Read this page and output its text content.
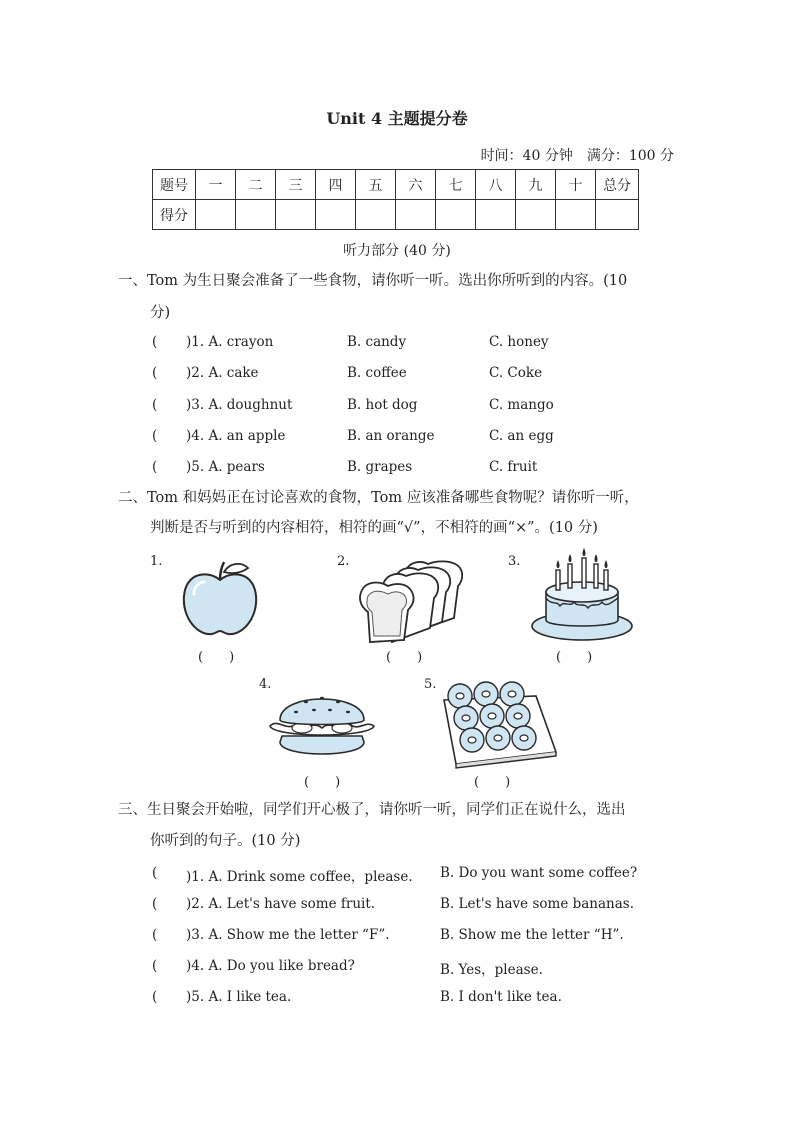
Unit 4 主题提分卷
时间：40 分钟　满分：100 分
题号	一	二	三	四	五	六	七	八	九	十	总分
得分											
听力部分 (40 分)
一、Tom 为生日聚会准备了一些食物，请你听一听。选出你所听到的内容。(10
分)
( )1. A. crayon	B. candy	C. honey
( )2. A. cake	B. coffee	C. Coke
( )3. A. doughnut	B. hot dog	C. mango
( )4. A. an apple	B. an orange	C. an egg
( )5. A. pears	B. grapes	C. fruit
二、Tom 和妈妈正在讨论喜欢的食物，Tom 应该准备哪些食物呢？请你听一听，
判断是否与听到的内容相符，相符的画“√”，不相符的画“×”。(10 分)
1.
(　　)
2.
(　　)
3.
(　　)
4.
(　　)
5.
(　　)
三、生日聚会开始啦，同学们开心极了，请你听一听，同学们正在说什么，选出
你听到的句子。(10 分)
( )1. A. Drink some coffee，please. B. Do you want some coffee?
( )2. A. Let's have some fruit.	B. Let's have some bananas.
( )3. A. Show me the letter “F”.	B. Show me the letter “H”.
( )4. A. Do you like bread?	B. Yes，please.
( )5. A. I like tea.	B. I don't like tea.
